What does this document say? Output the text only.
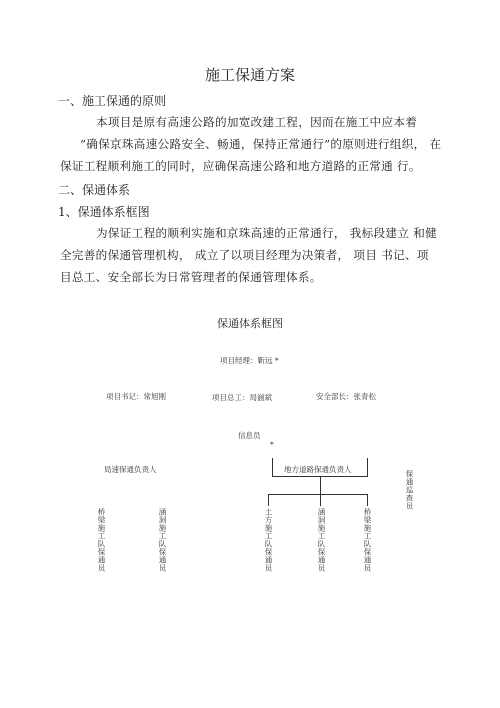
施工保通方案
一、施工保通的原则
本项目是原有高速公路的加宽改建工程，因而在施工中应本着
“确保京珠高速公路安全、畅通，保持正常通行”的原则进行组织， 在
保证工程顺利施工的同时，应确保高速公路和地方道路的正常通 行。
二、保通体系
1、保通体系框图
为保证工程的顺利实施和京珠高速的正常通行， 我标段建立 和健
全完善的保通管理机构， 成立了以项目经理为决策者， 项目 书记、项
目总工、安全部长为日常管理者的保通管理体系。
保通体系框图
项目经理：靳远 *
项目书记：常旭刚	项目总工：局湔斌	安全部长：张青松
信息员
*
局速保通负责人	地方道路保通负责人
保通巡查员
桥梁施工队保通员	涵洞施工队保通员	土方施工队保通员	涵洞施工队保通员	桥梁施工队保通员
